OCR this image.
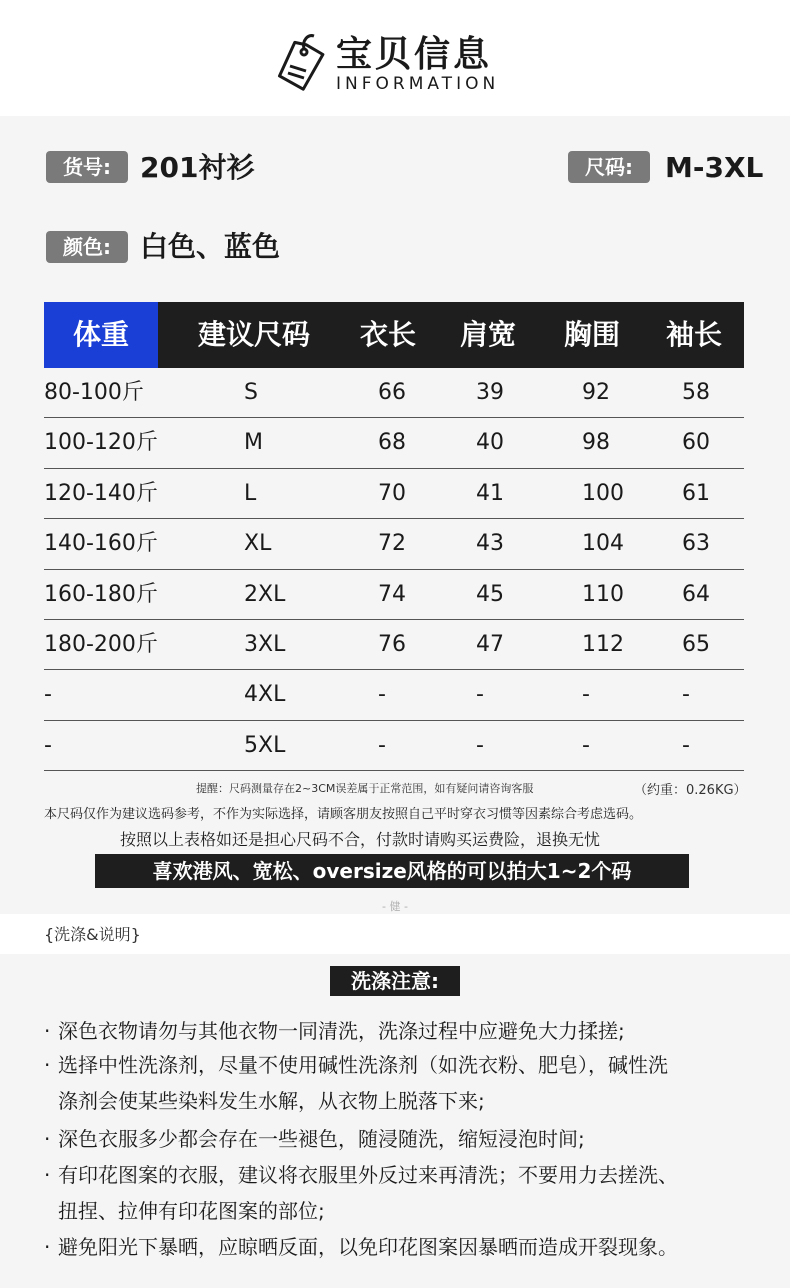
宝贝信息
INFORMATION
货号:	201衬衫	尺码:	M-3XL
颜色:	白色、蓝色
体重	建议尺码 衣长 肩宽 胸围 袖长
80-100斤	S	66	39	92	58
100-120斤	M	68	40	98	60
120-140斤	L	70	41	100	61
140-160斤	XL	72	43	104	63
160-180斤	2XL	74	45	110	64
180-200斤	3XL	76	47	112	65
-	4XL	-	-	-	-
-	5XL	-	-	-	-
提醒：尺码测量存在2~3CM误差属于正常范围，如有疑问请咨询客服	（约重：0.26KG）
本尺码仅作为建议选码参考，不作为实际选择，请顾客朋友按照自己平时穿衣习惯等因素综合考虑选码。
按照以上表格如还是担心尺码不合，付款时请购买运费险，退换无忧
喜欢港风、宽松、oversize风格的可以拍大1~2个码
- 健 -
{洗涤&说明}
洗涤注意:
· 深色衣物请勿与其他衣物一同清洗，洗涤过程中应避免大力揉搓;
· 选择中性洗涤剂，尽量不使用碱性洗涤剂（如洗衣粉、肥皂），碱性洗
涤剂会使某些染料发生水解，从衣物上脱落下来;
· 深色衣服多少都会存在一些褪色，随浸随洗，缩短浸泡时间;
· 有印花图案的衣服，建议将衣服里外反过来再清洗；不要用力去搓洗、
扭捏、拉伸有印花图案的部位;
· 避免阳光下暴晒，应晾晒反面，以免印花图案因暴晒而造成开裂现象。
